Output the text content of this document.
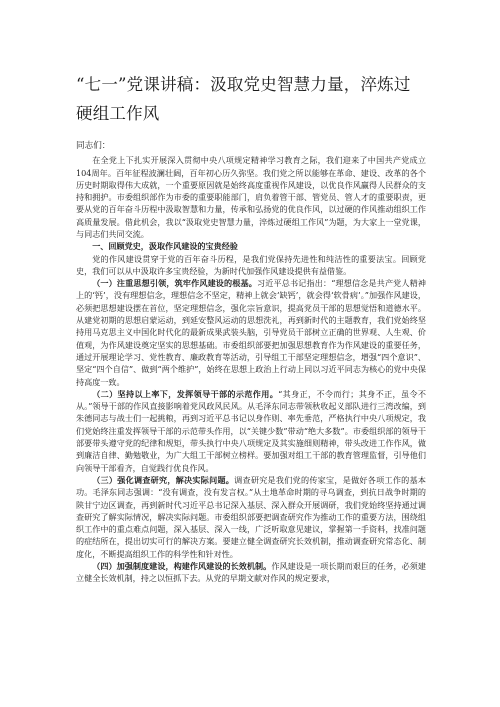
“七一”党课讲稿：汲取党史智慧力量，淬炼过硬组工作风

同志们：

在全党上下扎实开展深入贯彻中央八项规定精神学习教育之际，我们迎来了中国共产党成立104周年。百年征程波澜壮阔，百年初心历久弥坚。我们党之所以能够在革命、建设、改革的各个历史时期取得伟大成就，一个重要原因就是始终高度重视作风建设，以优良作风赢得人民群众的支持和拥护。市委组织部作为市委的重要职能部门，肩负着管干部、管党员、管人才的重要职责，更要从党的百年奋斗历程中汲取智慧和力量，传承和弘扬党的优良作风，以过硬的作风推动组织工作高质量发展。借此机会，我以“汲取党史智慧力量，淬炼过硬组工作风”为题，为大家上一堂党课，与同志们共同交流。

一、回顾党史，汲取作风建设的宝贵经验

党的作风建设贯穿于党的百年奋斗历程，是我们党保持先进性和纯洁性的重要法宝。回顾党史，我们可以从中汲取许多宝贵经验，为新时代加强作风建设提供有益借鉴。

（一）注重思想引领，筑牢作风建设的根基。习近平总书记指出：“理想信念是共产党人精神上的‘钙’，没有理想信念，理想信念不坚定，精神上就会‘缺钙’，就会得‘软骨病’。”加强作风建设，必须把思想建设摆在首位，坚定理想信念，强化宗旨意识，提高党员干部的思想觉悟和道德水平。从建党初期的思想启蒙运动，到延安整风运动的思想洗礼，再到新时代的主题教育，我们党始终坚持用马克思主义中国化时代化的最新成果武装头脑，引导党员干部树立正确的世界观、人生观、价值观，为作风建设奠定坚实的思想基础。市委组织部要把加强思想教育作为作风建设的重要任务，通过开展理论学习、党性教育、廉政教育等活动，引导组工干部坚定理想信念，增强“四个意识”、坚定“四个自信”、做到“两个维护”，始终在思想上政治上行动上同以习近平同志为核心的党中央保持高度一致。

（二）坚持以上率下，发挥领导干部的示范作用。“其身正，不令而行；其身不正，虽令不从。”领导干部的作风直接影响着党风政风民风。从毛泽东同志带领秋收起义部队进行三湾改编，到朱德同志与战士们一起挑粮，再到习近平总书记以身作则、率先垂范，严格执行中央八项规定，我们党始终注重发挥领导干部的示范带头作用，以“关键少数”带动“绝大多数”。市委组织部的领导干部要带头遵守党的纪律和规矩，带头执行中央八项规定及其实施细则精神，带头改进工作作风，做到廉洁自律、勤勉敬业，为广大组工干部树立榜样。要加强对组工干部的教育管理监督，引导他们向领导干部看齐，自觉践行优良作风。

（三）强化调查研究，解决实际问题。调查研究是我们党的传家宝，是做好各项工作的基本功。毛泽东同志强调：“没有调查，没有发言权。”从土地革命时期的寻乌调查，到抗日战争时期的陕甘宁边区调查，再到新时代习近平总书记深入基层、深入群众开展调研，我们党始终坚持通过调查研究了解实际情况，解决实际问题。市委组织部要把调查研究作为推动工作的重要方法，围绕组织工作中的重点难点问题，深入基层、深入一线，广泛听取意见建议，掌握第一手资料，找准问题的症结所在，提出切实可行的解决方案。要建立健全调查研究长效机制，推动调查研究常态化、制度化，不断提高组织工作的科学性和针对性。

（四）加强制度建设，构建作风建设的长效机制。作风建设是一项长期而艰巨的任务，必须建立健全长效机制，持之以恒抓下去。从党的早期文献对作风的规定要求，
